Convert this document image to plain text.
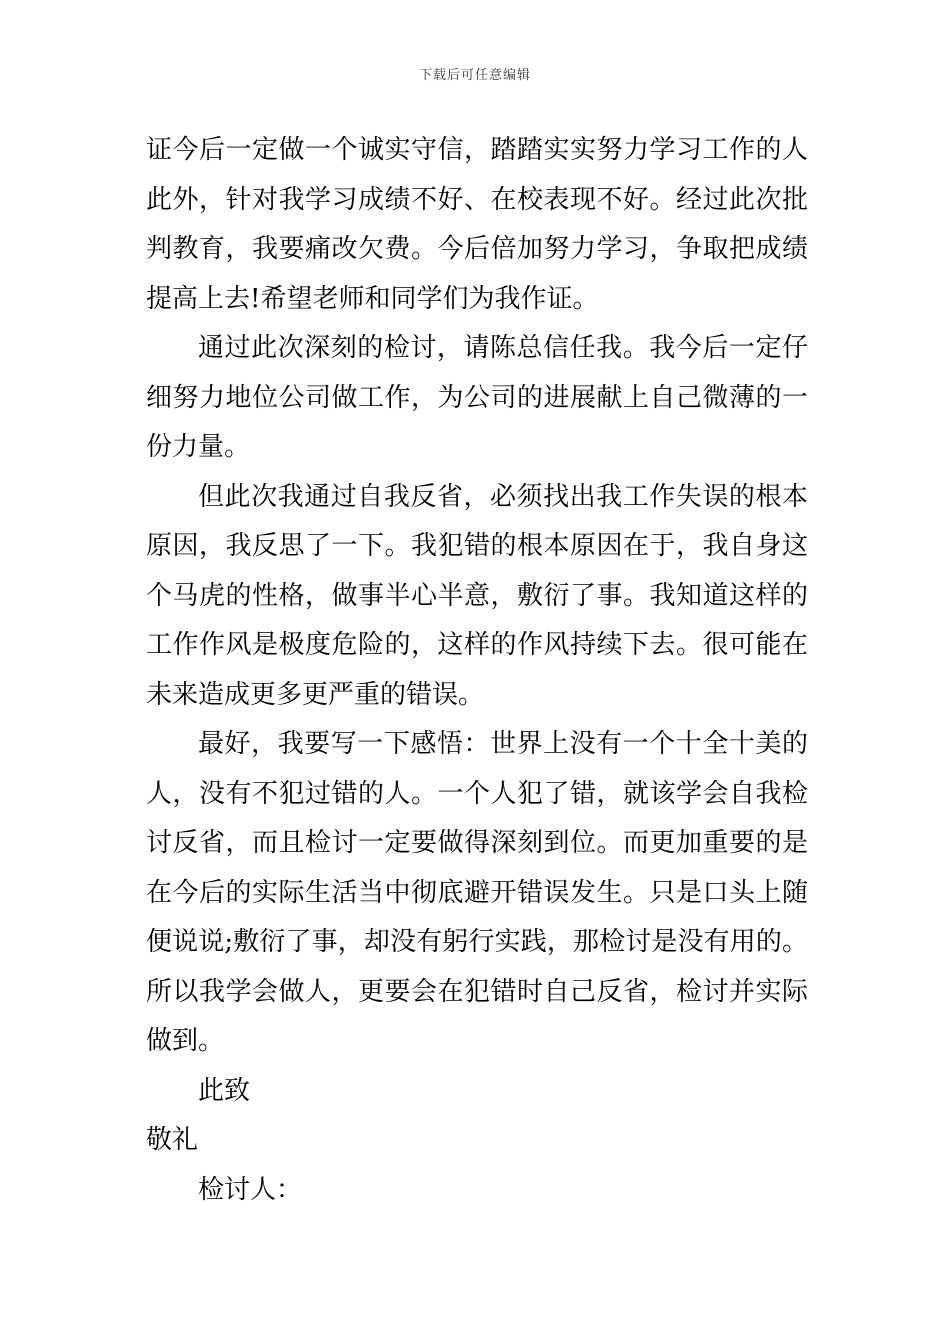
下载后可任意编辑

证今后一定做一个诚实守信，踏踏实实努力学习工作的人此外，针对我学习成绩不好、在校表现不好。经过此次批判教育，我要痛改欠费。今后倍加努力学习，争取把成绩提高上去!希望老师和同学们为我作证。

通过此次深刻的检讨，请陈总信任我。我今后一定仔细努力地位公司做工作，为公司的进展献上自己微薄的一份力量。

但此次我通过自我反省，必须找出我工作失误的根本原因，我反思了一下。我犯错的根本原因在于，我自身这个马虎的性格，做事半心半意，敷衍了事。我知道这样的工作作风是极度危险的，这样的作风持续下去。很可能在未来造成更多更严重的错误。

最好，我要写一下感悟：世界上没有一个十全十美的人，没有不犯过错的人。一个人犯了错，就该学会自我检讨反省，而且检讨一定要做得深刻到位。而更加重要的是在今后的实际生活当中彻底避开错误发生。只是口头上随便说说;敷衍了事，却没有躬行实践，那检讨是没有用的。所以我学会做人，更要会在犯错时自己反省，检讨并实际做到。

此致

敬礼

检讨人：
